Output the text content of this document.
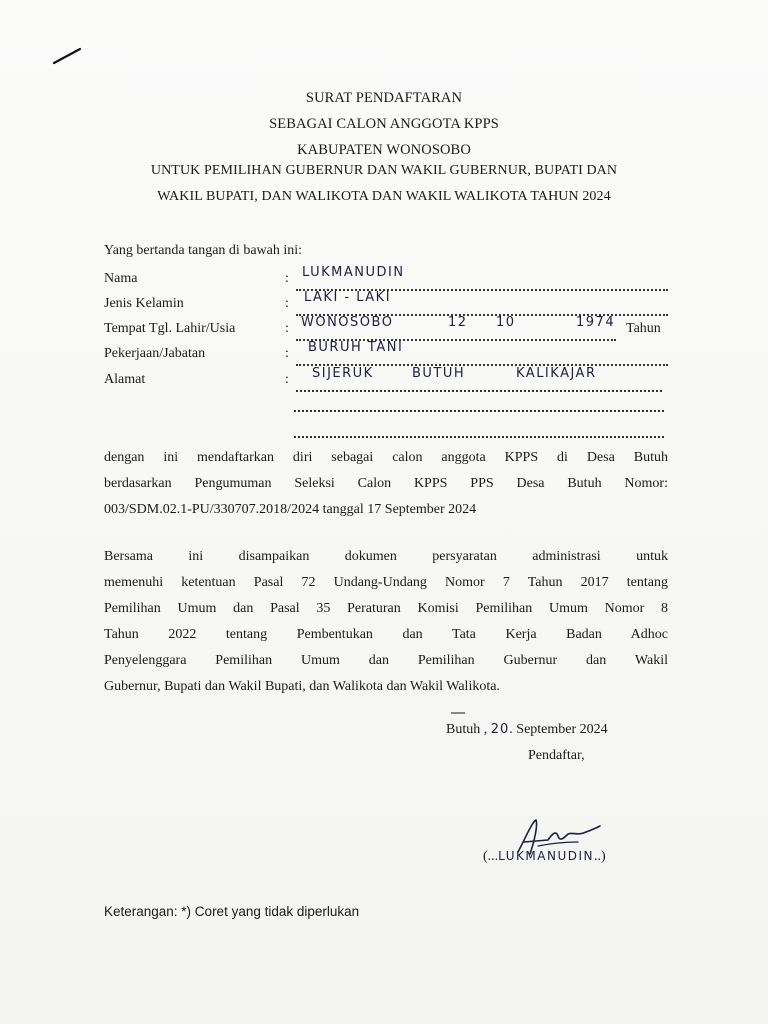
SURAT PENDAFTARAN
SEBAGAI CALON ANGGOTA KPPS
KABUPATEN WONOSOBO
UNTUK PEMILIHAN GUBERNUR DAN WAKIL GUBERNUR, BUPATI DAN
WAKIL BUPATI, DAN WALIKOTA DAN WAKIL WALIKOTA TAHUN 2024
Yang bertanda tangan di bawah ini:
Nama	: LUKMANUDIN
Jenis Kelamin	: LAKI - LAKI
Tempat Tgl. Lahir/Usia	: WONOSOBO	12 10	1974 Tahun
Pekerjaan/Jabatan	: BURUH TANI
Alamat	: SIJERUK	BUTUH	KALIKAJAR
dengan ini mendaftarkan diri sebagai calon anggota KPPS di Desa Butuh
berdasarkan Pengumuman Seleksi Calon KPPS PPS Desa Butuh Nomor:
003/SDM.02.1-PU/330707.2018/2024 tanggal 17 September 2024
Bersama ini disampaikan dokumen persyaratan administrasi untuk
memenuhi ketentuan Pasal 72 Undang-Undang Nomor 7 Tahun 2017 tentang
Pemilihan Umum dan Pasal 35 Peraturan Komisi Pemilihan Umum Nomor 8
Tahun 2022 tentang Pembentukan dan Tata Kerja Badan Adhoc
Penyelenggara Pemilihan Umum dan Pemilihan Gubernur dan Wakil
Gubernur, Bupati dan Wakil Bupati, dan Walikota dan Wakil Walikota.
Butuh , 20. September 2024
Pendaftar,
(...LUKMANUDIN..)
Keterangan: *) Coret yang tidak diperlukan
